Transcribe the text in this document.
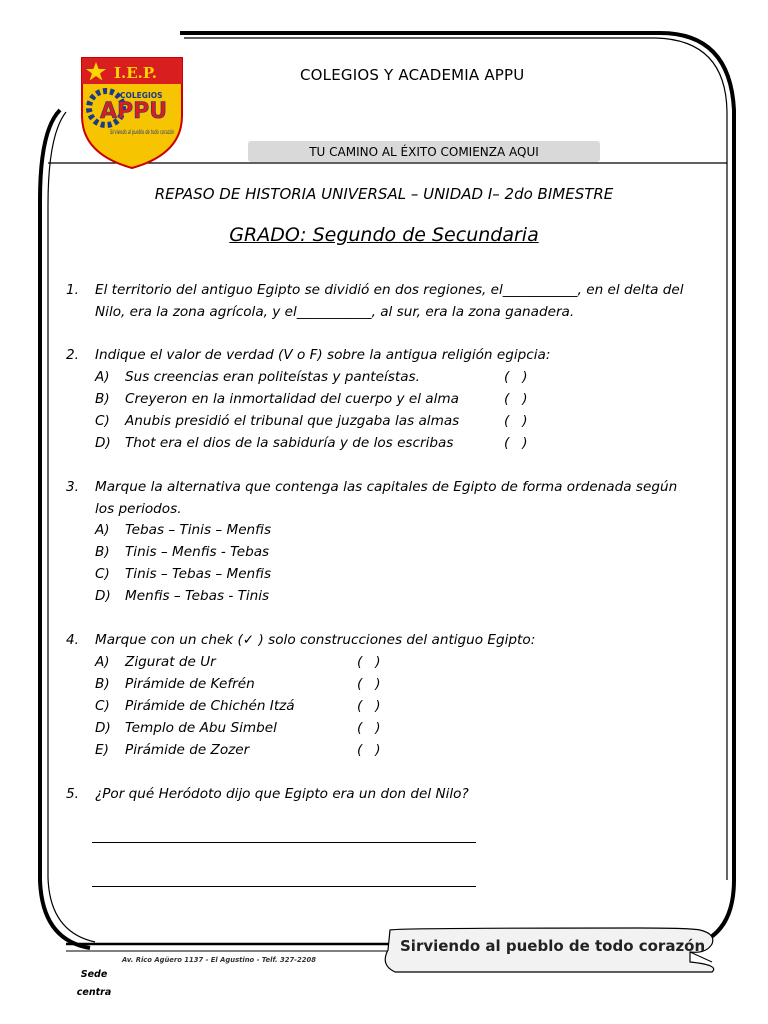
I.E.P.
COLEGIOS
APPU
Sirviendo al pueblo de todo corazón
COLEGIOS Y ACADEMIA APPU
TU CAMINO AL ÉXITO COMIENZA AQUI
REPASO DE HISTORIA UNIVERSAL – UNIDAD I– 2do BIMESTRE
GRADO: Segundo de Secundaria
1. El territorio del antiguo Egipto se dividió en dos regiones, el___________, en el delta del
Nilo, era la zona agrícola, y el___________, al sur, era la zona ganadera.
2. Indique el valor de verdad (V o F) sobre la antigua religión egipcia:
A) Sus creencias eran politeístas y panteístas.
B) Creyeron en la inmortalidad del cuerpo y el alma
C) Anubis presidió el tribunal que juzgaba las almas
D) Thot era el dios de la sabiduría y de los escribas
(   )
(   )
(   )
(   )
3. Marque la alternativa que contenga las capitales de Egipto de forma ordenada según
los periodos.
A) Tebas – Tinis – Menfis
B) Tinis – Menfis - Tebas
C) Tinis – Tebas – Menfis
D) Menfis – Tebas - Tinis
4. Marque con un chek (✓ ) solo construcciones del antiguo Egipto:
A) Zigurat de Ur
B) Pirámide de Kefrén
C) Pirámide de Chichén Itzá
D) Templo de Abu Simbel
E) Pirámide de Zozer
(   )
(   )
(   )
(   )
(   )
5. ¿Por qué Heródoto dijo que Egipto era un don del Nilo?
Av. Rico Agüero 1137 - El Agustino - Telf. 327-2208
Sirviendo al pueblo de todo corazón
Sede
centra
